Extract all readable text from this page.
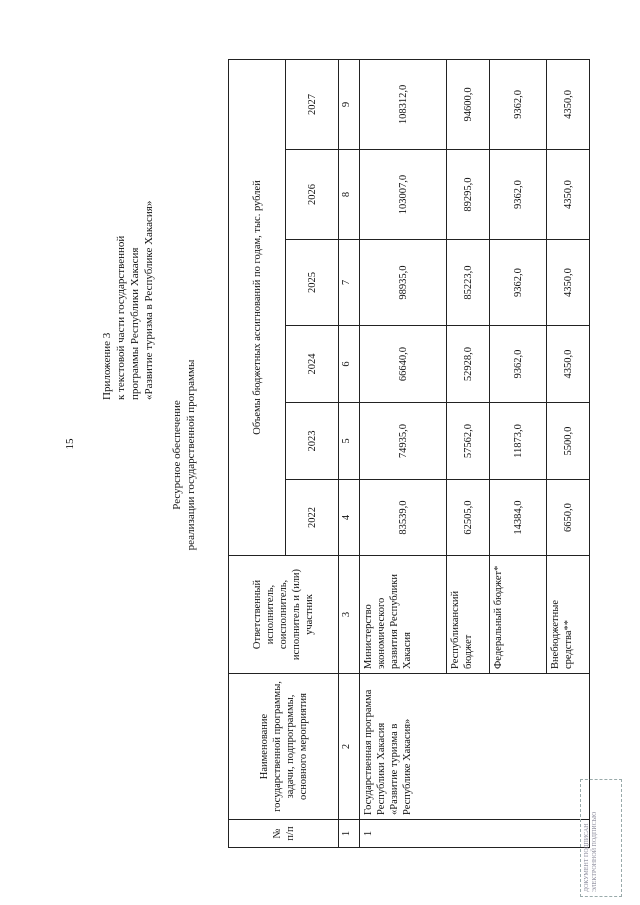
15
Приложение 3 к текстовой части государственной программы Республики Хакасия «Развитие туризма в Республике Хакасия»
Ресурсное обеспечение реализации государственной программы
№ п/п	Наименование государственной программы, задачи, подпрограммы, основного мероприятия	Ответственный исполнитель, соисполнитель, исполнитель и (или) участник	Объемы бюджетных ассигнований по годам, тыс. рублей					
			2022	2023	2024	2025	2026	2027
1	2	3	4	5	6	7	8	9
1	Государственная программа Республики Хакасия «Развитие туризма в Республике Хакасия»	Министерство экономического развития Республики Хакасия	83539,0	74935,0	66640,0	98935,0	103007,0	108312,0
		Республиканский бюджет	62505,0	57562,0	52928,0	85223,0	89295,0	94600,0
		Федеральный бюджет*	14384,0	11873,0	9362,0	9362,0	9362,0	9362,0
		Внебюджетные средства**	6650,0	5500,0	4350,0	4350,0	4350,0	4350,0
ДОКУМЕНТ ПОДПИСАН ЭЛЕКТРОННОЙ ПОДПИСЬЮ
